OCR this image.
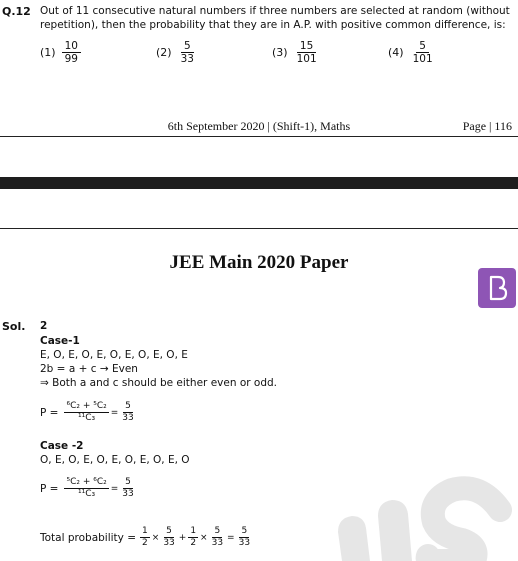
Q.12 Out of 11 consecutive natural numbers if three numbers are selected at random (without repetition), then the probability that they are in A.P. with positive common difference, is:
$(1) \frac{10}{99}$	$(2) \frac{5}{33}$	$(3) \frac{15}{101}$	$(4) \frac{5}{101}$
6th September 2020 | (Shift-1), Maths	Page | 116
JEE Main 2020 Paper
Sol. 2
Case-1
E, O, E, O, E, O, E, O, E, O, E
2b = a + c → Even
⇒ Both a and c should be either even or odd.
$P = \frac{\text{⁶C₂ + ⁵C₂}}{\text{¹¹C₃}} = \frac{5}{33}$
Case -2
O, E, O, E, O, E, O, E, O, E, O
$P = \frac{\text{⁵C₂ + ⁶C₂}}{\text{¹¹C₃}} = \frac{5}{33}$
Total probability = $\frac{1}{2} \times \frac{5}{33} + \frac{1}{2} \times \frac{5}{33} = \frac{5}{33}$
